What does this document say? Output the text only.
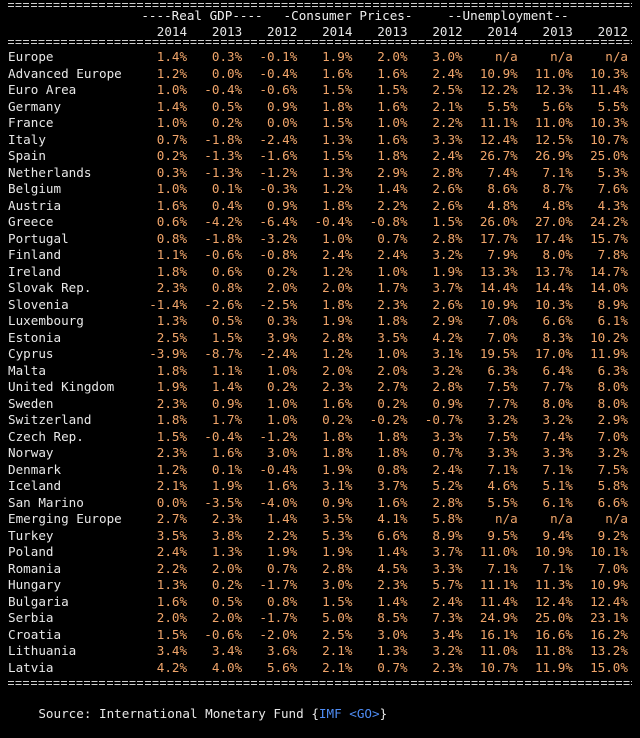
----Real GDP----	-Consumer Prices-	--Unemployment--
2014	2013	2012	2014	2013	2012	2014	2013	2012
Europe	1.4%	0.3%	-0.1%	1.9%	2.0%	3.0%	n/a	n/a	n/a
Advanced Europe	1.2%	0.0%	-0.4%	1.6%	1.6%	2.4%	10.9%	11.0%	10.3%
Euro Area	1.0%	-0.4%	-0.6%	1.5%	1.5%	2.5%	12.2%	12.3%	11.4%
Germany	1.4%	0.5%	0.9%	1.8%	1.6%	2.1%	5.5%	5.6%	5.5%
France	1.0%	0.2%	0.0%	1.5%	1.0%	2.2%	11.1%	11.0%	10.3%
Italy	0.7%	-1.8%	-2.4%	1.3%	1.6%	3.3%	12.4%	12.5%	10.7%
Spain	0.2%	-1.3%	-1.6%	1.5%	1.8%	2.4%	26.7%	26.9%	25.0%
Netherlands	0.3%	-1.3%	-1.2%	1.3%	2.9%	2.8%	7.4%	7.1%	5.3%
Belgium	1.0%	0.1%	-0.3%	1.2%	1.4%	2.6%	8.6%	8.7%	7.6%
Austria	1.6%	0.4%	0.9%	1.8%	2.2%	2.6%	4.8%	4.8%	4.3%
Greece	0.6%	-4.2%	-6.4%	-0.4%	-0.8%	1.5%	26.0%	27.0%	24.2%
Portugal	0.8%	-1.8%	-3.2%	1.0%	0.7%	2.8%	17.7%	17.4%	15.7%
Finland	1.1%	-0.6%	-0.8%	2.4%	2.4%	3.2%	7.9%	8.0%	7.8%
Ireland	1.8%	0.6%	0.2%	1.2%	1.0%	1.9%	13.3%	13.7%	14.7%
Slovak Rep.	2.3%	0.8%	2.0%	2.0%	1.7%	3.7%	14.4%	14.4%	14.0%
Slovenia	-1.4%	-2.6%	-2.5%	1.8%	2.3%	2.6%	10.9%	10.3%	8.9%
Luxembourg	1.3%	0.5%	0.3%	1.9%	1.8%	2.9%	7.0%	6.6%	6.1%
Estonia	2.5%	1.5%	3.9%	2.8%	3.5%	4.2%	7.0%	8.3%	10.2%
Cyprus	-3.9%	-8.7%	-2.4%	1.2%	1.0%	3.1%	19.5%	17.0%	11.9%
Malta	1.8%	1.1%	1.0%	2.0%	2.0%	3.2%	6.3%	6.4%	6.3%
United Kingdom	1.9%	1.4%	0.2%	2.3%	2.7%	2.8%	7.5%	7.7%	8.0%
Sweden	2.3%	0.9%	1.0%	1.6%	0.2%	0.9%	7.7%	8.0%	8.0%
Switzerland	1.8%	1.7%	1.0%	0.2%	-0.2%	-0.7%	3.2%	3.2%	2.9%
Czech Rep.	1.5%	-0.4%	-1.2%	1.8%	1.8%	3.3%	7.5%	7.4%	7.0%
Norway	2.3%	1.6%	3.0%	1.8%	1.8%	0.7%	3.3%	3.3%	3.2%
Denmark	1.2%	0.1%	-0.4%	1.9%	0.8%	2.4%	7.1%	7.1%	7.5%
Iceland	2.1%	1.9%	1.6%	3.1%	3.7%	5.2%	4.6%	5.1%	5.8%
San Marino	0.0%	-3.5%	-4.0%	0.9%	1.6%	2.8%	5.5%	6.1%	6.6%
Emerging Europe	2.7%	2.3%	1.4%	3.5%	4.1%	5.8%	n/a	n/a	n/a
Turkey	3.5%	3.8%	2.2%	5.3%	6.6%	8.9%	9.5%	9.4%	9.2%
Poland	2.4%	1.3%	1.9%	1.9%	1.4%	3.7%	11.0%	10.9%	10.1%
Romania	2.2%	2.0%	0.7%	2.8%	4.5%	3.3%	7.1%	7.1%	7.0%
Hungary	1.3%	0.2%	-1.7%	3.0%	2.3%	5.7%	11.1%	11.3%	10.9%
Bulgaria	1.6%	0.5%	0.8%	1.5%	1.4%	2.4%	11.4%	12.4%	12.4%
Serbia	2.0%	2.0%	-1.7%	5.0%	8.5%	7.3%	24.9%	25.0%	23.1%
Croatia	1.5%	-0.6%	-2.0%	2.5%	3.0%	3.4%	16.1%	16.6%	16.2%
Lithuania	3.4%	3.4%	3.6%	2.1%	1.3%	3.2%	11.0%	11.8%	13.2%
Latvia	4.2%	4.0%	5.6%	2.1%	0.7%	2.3%	10.7%	11.9%	15.0%

Source: International Monetary Fund {IMF <GO>}
